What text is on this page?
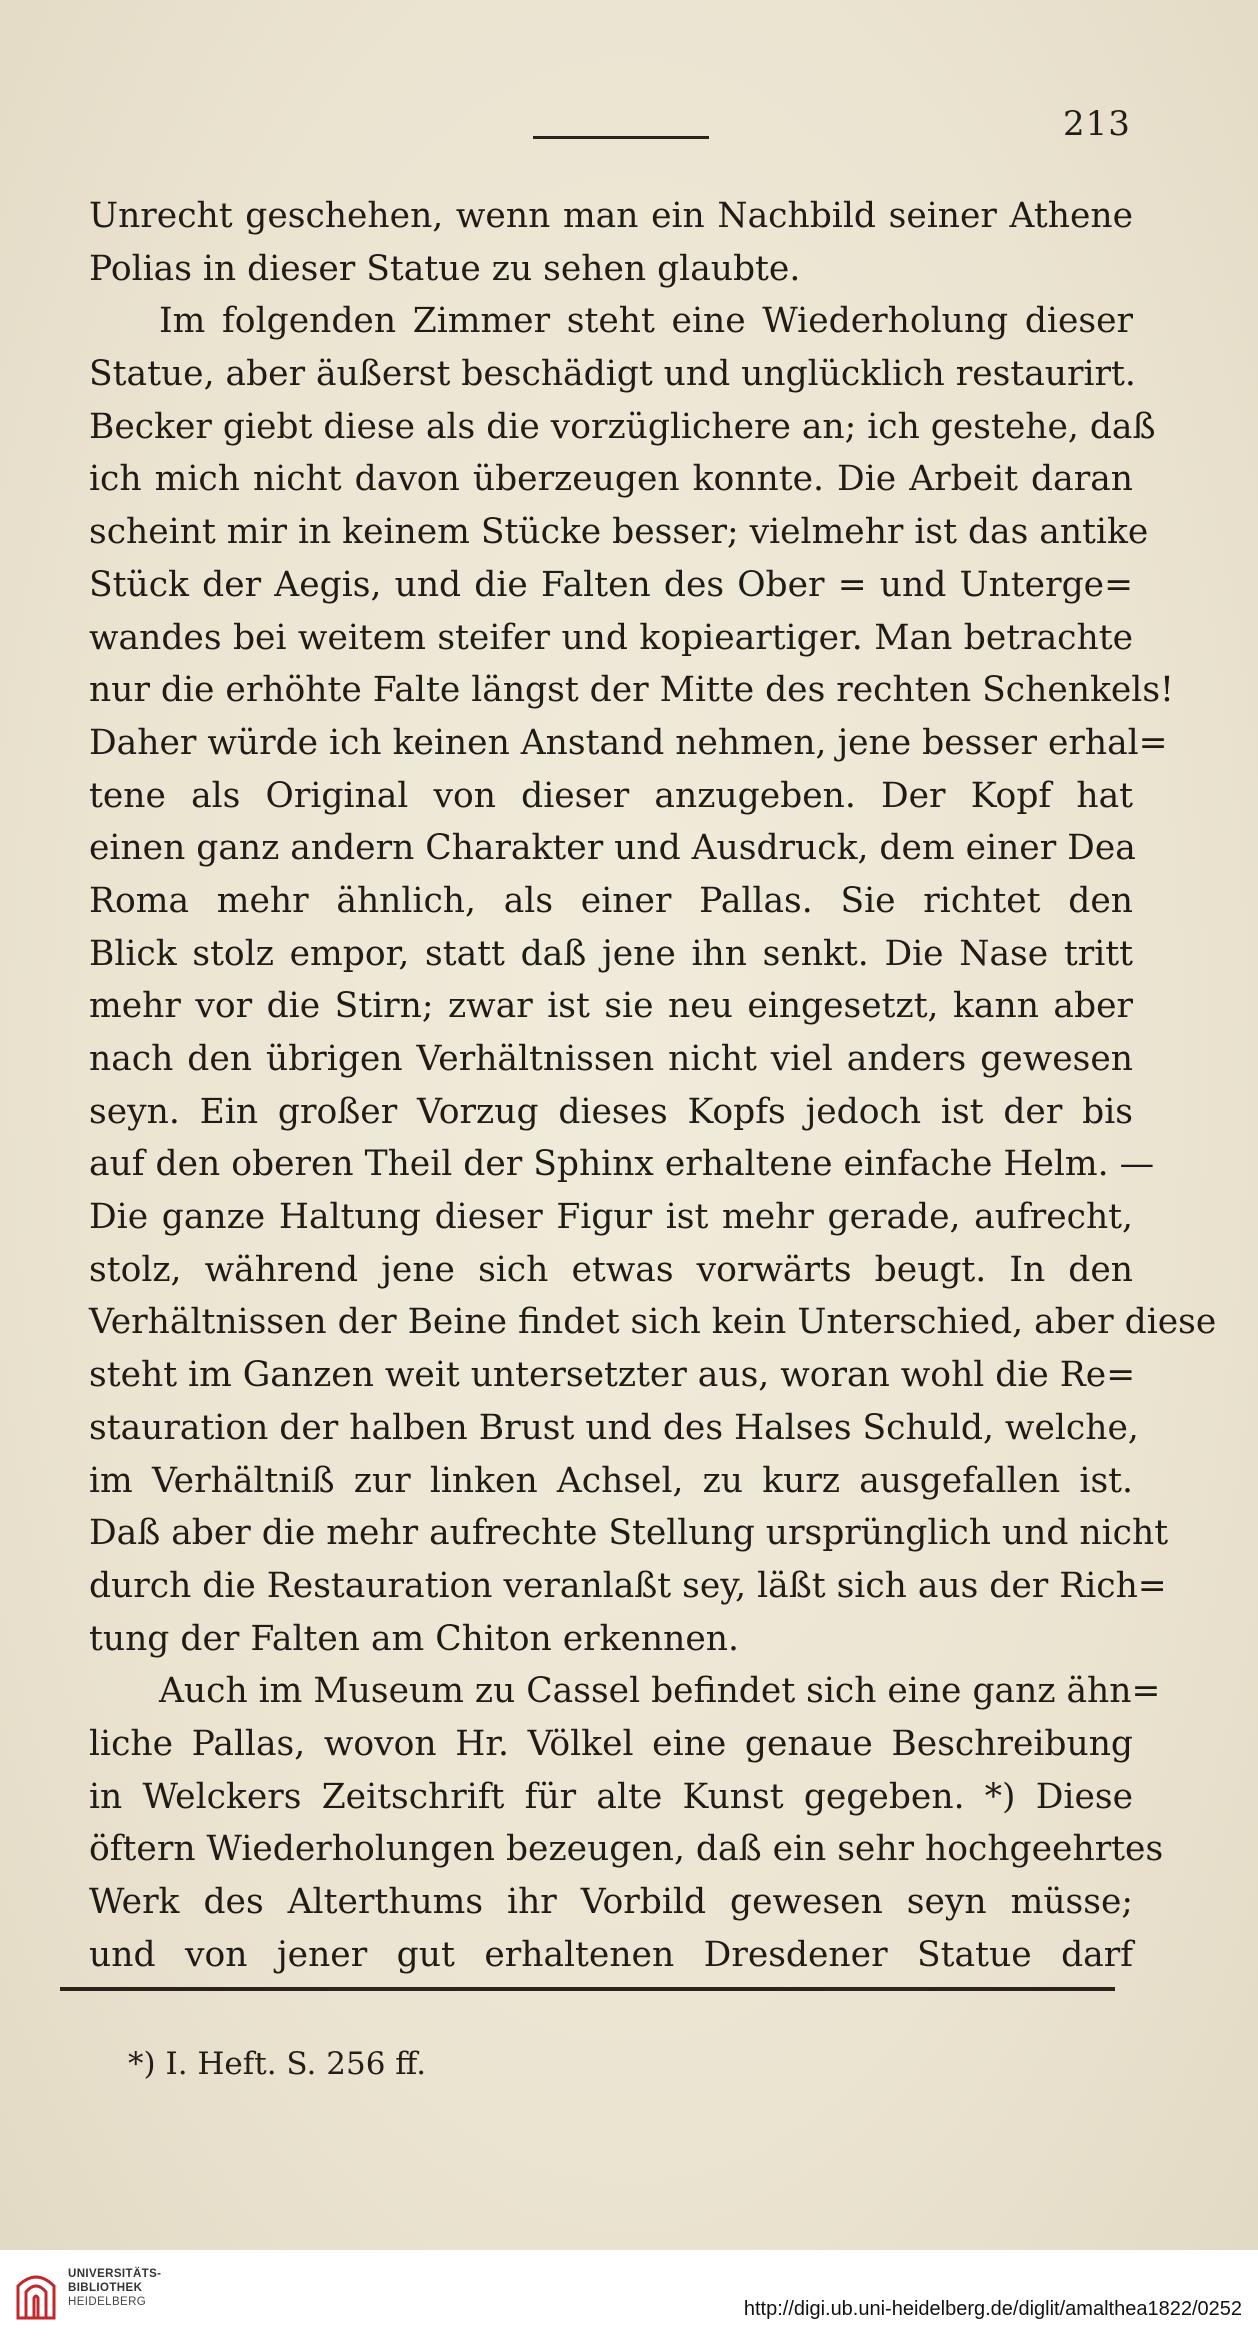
213
Unrecht geschehen, wenn man ein Nachbild seiner Athene
Polias in dieser Statue zu sehen glaubte.
Im folgenden Zimmer steht eine Wiederholung dieser
Statue, aber äußerst beschädigt und unglücklich restaurirt.
Becker giebt diese als die vorzüglichere an; ich gestehe, daß
ich mich nicht davon überzeugen konnte. Die Arbeit daran
scheint mir in keinem Stücke besser; vielmehr ist das antike
Stück der Aegis, und die Falten des Ober = und Unterge=
wandes bei weitem steifer und kopieartiger. Man betrachte
nur die erhöhte Falte längst der Mitte des rechten Schenkels!
Daher würde ich keinen Anstand nehmen, jene besser erhal=
tene als Original von dieser anzugeben. Der Kopf hat
einen ganz andern Charakter und Ausdruck, dem einer Dea
Roma mehr ähnlich, als einer Pallas. Sie richtet den
Blick stolz empor, statt daß jene ihn senkt. Die Nase tritt
mehr vor die Stirn; zwar ist sie neu eingesetzt, kann aber
nach den übrigen Verhältnissen nicht viel anders gewesen
seyn. Ein großer Vorzug dieses Kopfs jedoch ist der bis
auf den oberen Theil der Sphinx erhaltene einfache Helm. —
Die ganze Haltung dieser Figur ist mehr gerade, aufrecht,
stolz, während jene sich etwas vorwärts beugt. In den
Verhältnissen der Beine findet sich kein Unterschied, aber diese
steht im Ganzen weit untersetzter aus, woran wohl die Re=
stauration der halben Brust und des Halses Schuld, welche,
im Verhältniß zur linken Achsel, zu kurz ausgefallen ist.
Daß aber die mehr aufrechte Stellung ursprünglich und nicht
durch die Restauration veranlaßt sey, läßt sich aus der Rich=
tung der Falten am Chiton erkennen.
Auch im Museum zu Cassel befindet sich eine ganz ähn=
liche Pallas, wovon Hr. Völkel eine genaue Beschreibung
in Welckers Zeitschrift für alte Kunst gegeben. *) Diese
öftern Wiederholungen bezeugen, daß ein sehr hochgeehrtes
Werk des Alterthums ihr Vorbild gewesen seyn müsse;
und von jener gut erhaltenen Dresdener Statue darf
*) I. Heft. S. 256 ff.
UNIVERSITÄTS-
BIBLIOTHEK
HEIDELBERG	http://digi.ub.uni-heidelberg.de/diglit/amalthea1822/0252
